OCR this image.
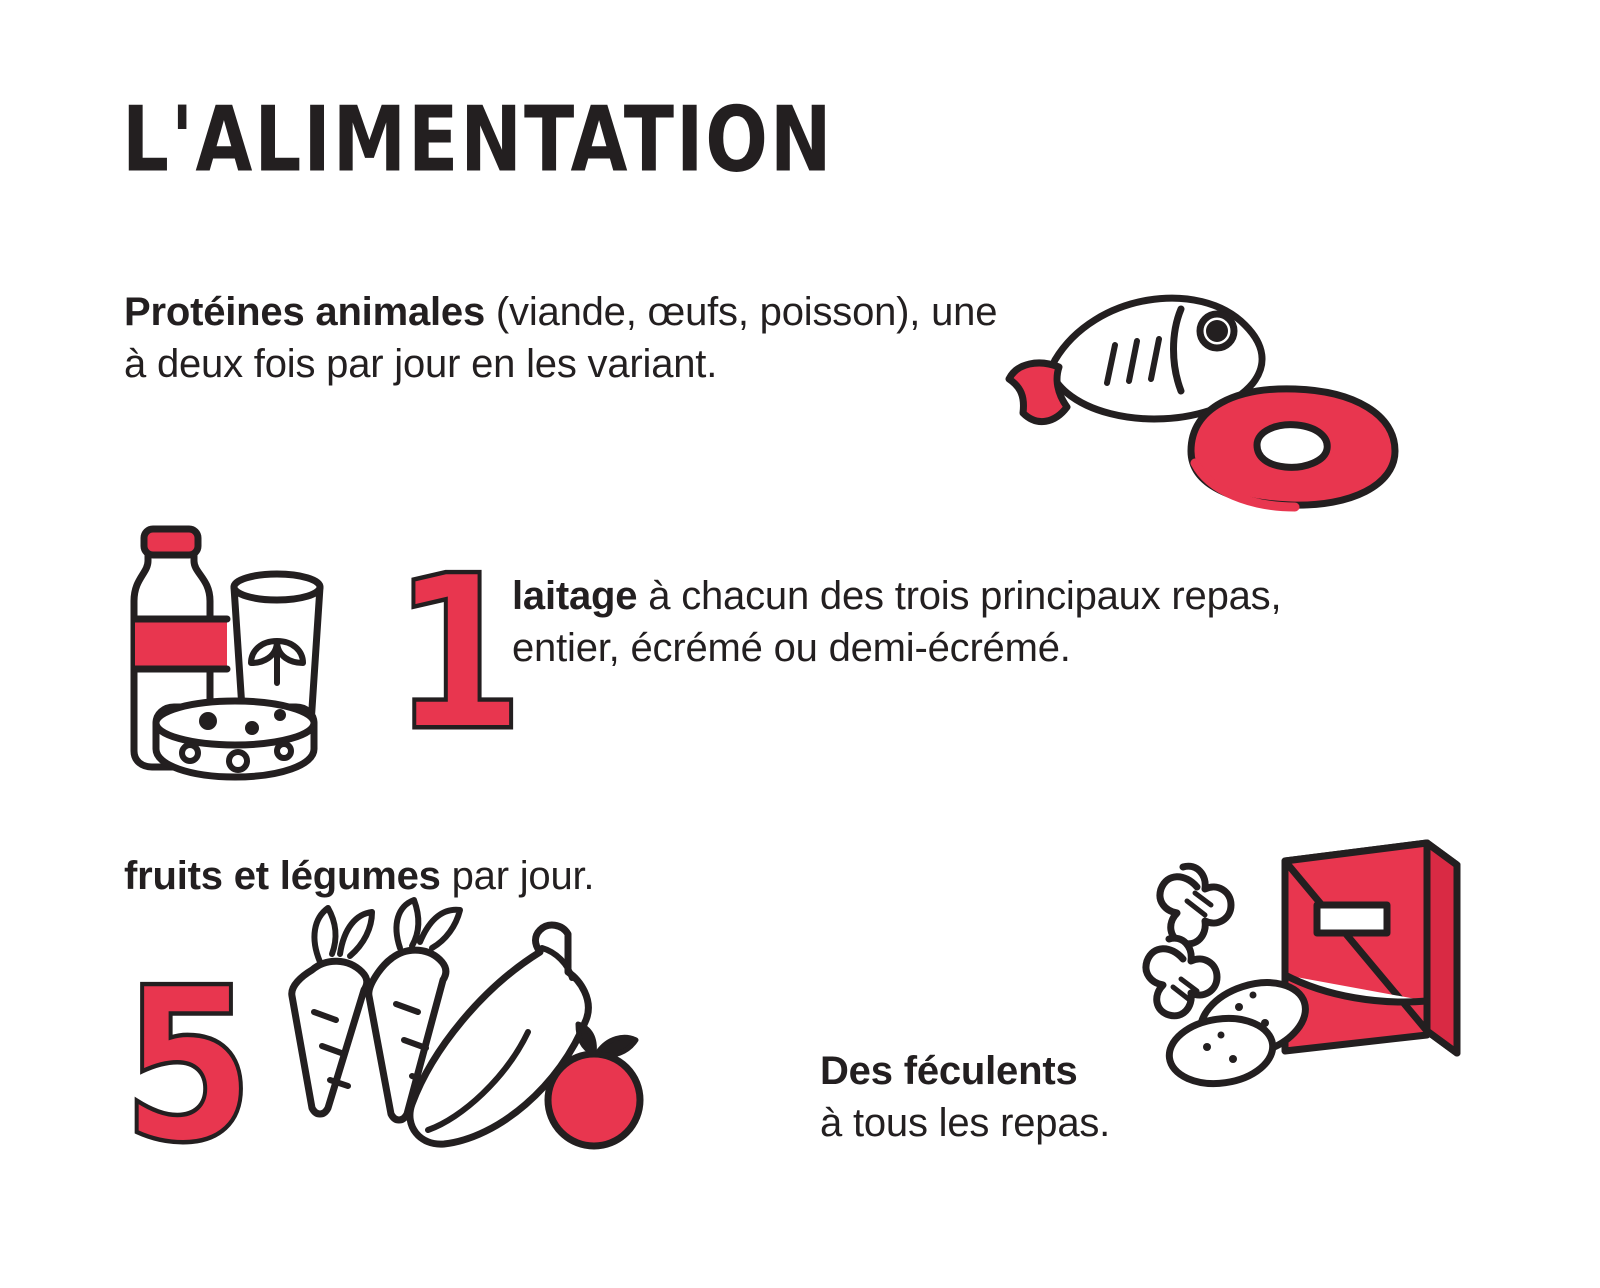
L'ALIMENTATION
Protéines animales (viande, œufs, poisson), une à deux fois par jour en les variant.
1
laitage à chacun des trois principaux repas, entier, écrémé ou demi-écrémé.
fruits et légumes par jour.
5	Des féculents
à tous les repas.
